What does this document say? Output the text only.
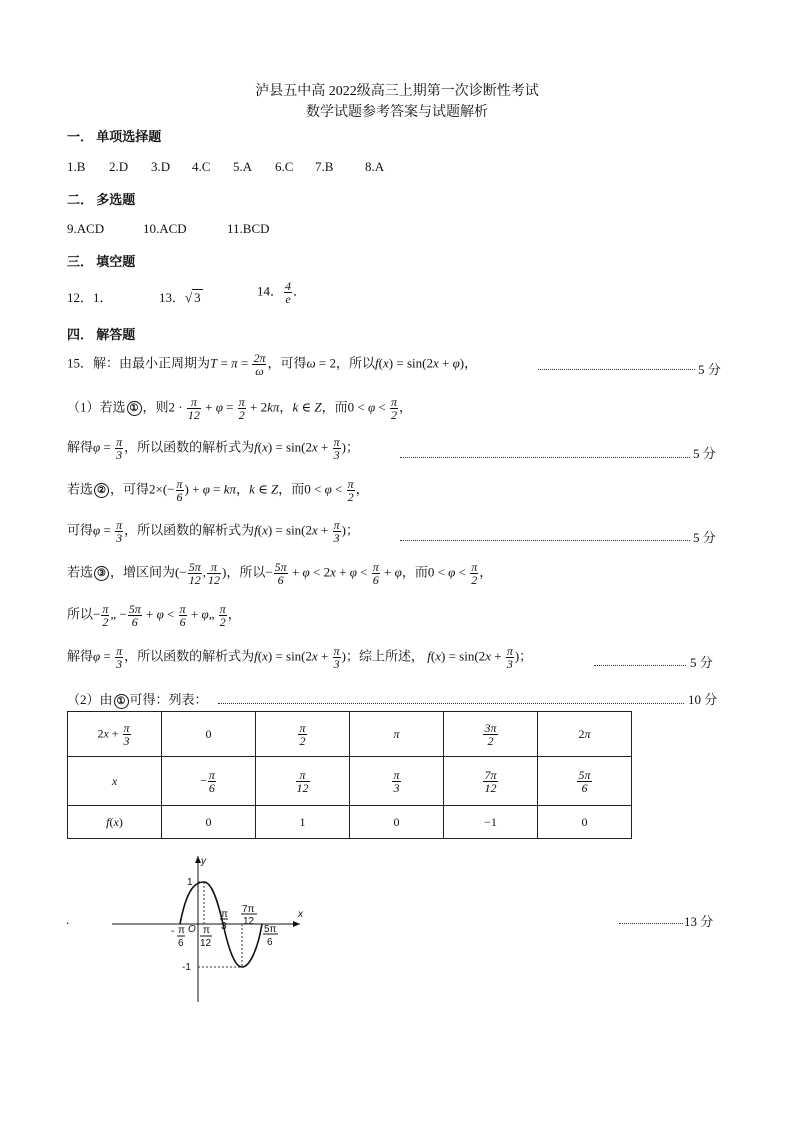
泸县五中高 2022级高三上期第一次诊断性考试
数学试题参考答案与试题解析
一． 单项选择题
1.B 2.D 3.D 4.C 5.A 6.C 7.B 8.A
二． 多选题
9.ACD	10.ACD	11.BCD
三． 填空题
12．1．	13．√ 3	14． $\frac{4}{e}$ ．
四． 解答题
15．解：由最小正周期为$T = \pi = \frac{2\pi}{\omega}$ ，可得ω = 2，所以f(x) = sin(2x + φ)，	5 分
（1）若选 ① ，则$2 \cdot \frac{\pi}{12} + \varphi = \frac{\pi}{2} + 2k\pi$，k ∈ Z，而$0 < \varphi < \frac{\pi}{2}$ ，
解得$\varphi = \frac{\pi}{3}$ ，所以函数的解析式为$f(x) = \sin(2x + \frac{\pi}{3}$ )；	5 分
若选 ② ，可得$2\times(- \frac{\pi}{6}$ ) + φ = kπ，k ∈ Z，而$0 < \varphi < \frac{\pi}{2}$ ，
可得$\varphi = \frac{\pi}{3}$ ，所以函数的解析式为$f(x) = \sin(2x + \frac{\pi}{3}$ )；
5 分
若选 ③ ，增区间为(− $\frac{5\pi}{12}$ , $\frac{\pi}{12}$ )，所以− $\frac{5\pi}{6} + \varphi < 2x + \varphi < \frac{\pi}{6} + \varphi$，而$0 < \varphi < \frac{\pi}{2}$ ，
所以− $\frac{\pi}{2}$ „ − $\frac{5\pi}{6} + \varphi < \frac{\pi}{6}$ + φ„ $\frac{\pi}{2}$ ，
解得$\varphi = \frac{\pi}{3}$ ，所以函数的解析式为$f(x) = \sin(2x + \frac{\pi}{3}$ )；综上所述， $f(x) = \sin(2x + \frac{\pi}{3}$ )；	5 分
（2）由 ① 可得：列表：	10 分
$2x + \frac{\pi}{3}$	0	$\frac{\pi}{2}$	π	$\frac{3\pi}{2}$	2π
x	− $\frac{\pi}{6}$	$\frac{\pi}{12}$	$\frac{\pi}{3}$	$\frac{7\pi}{12}$	$\frac{5\pi}{6}$

f(x)	0	1	0	−1	0
.
y
x
O
1
-1
- π
6
π
12
π
3
7π
12
5π
6
13 分
